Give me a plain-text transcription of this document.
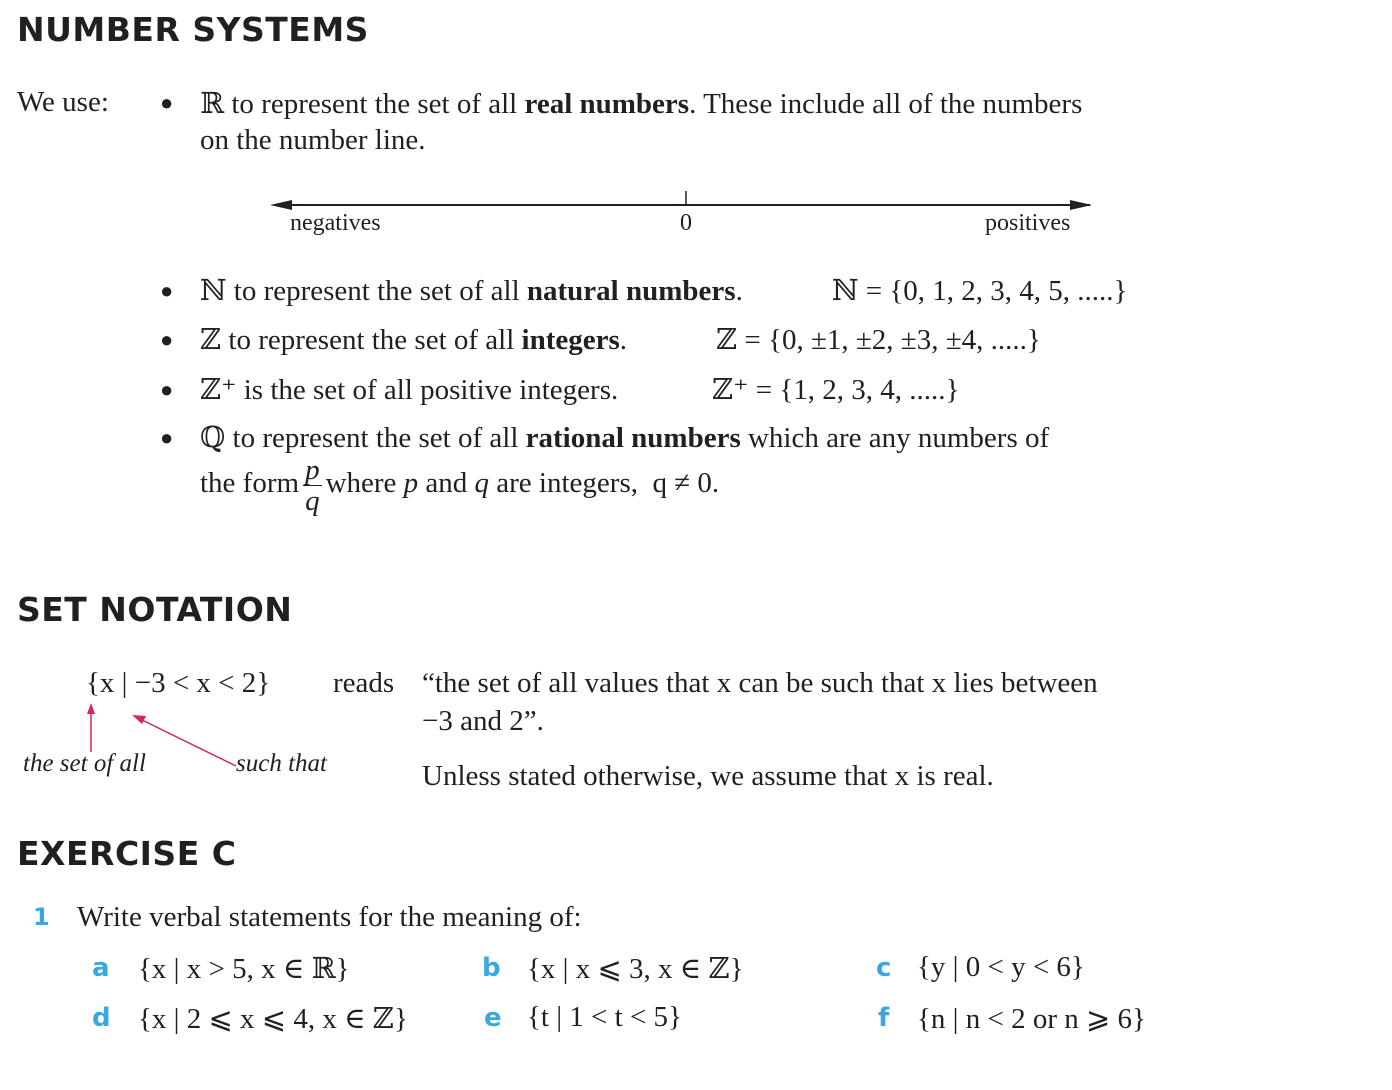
NUMBER SYSTEMS
SET NOTATION
EXERCISE C
We use: ● ℝ to represent the set of all real numbers. These include all of the numbers
on the number line.
negatives	0	positives
● ℕ to represent the set of all natural numbers.	ℕ = {0, 1, 2, 3, 4, 5, .....}
● ℤ to represent the set of all integers.	ℤ = {0, ±1, ±2, ±3, ±4, .....}
● ℤ⁺ is the set of all positive integers.	ℤ⁺ = {1, 2, 3, 4, .....}
● ℚ to represent the set of all rational numbers which are any numbers of
the form $\frac{p}{q}$ where p and q are integers, q ≠ 0.
{x | −3 < x < 2} reads “the set of all values that x can be such that x lies between
−3 and 2”.
the set of all	such that	Unless stated otherwise, we assume that x is real.
1 Write verbal statements for the meaning of:
a {x | x > 5, x ∈ ℝ}	b {x | x ⩽ 3, x ∈ ℤ}	c {y | 0 < y < 6}
d {x | 2 ⩽ x ⩽ 4, x ∈ ℤ}	e {t | 1 < t < 5}	f {n | n < 2 or n ⩾ 6}
